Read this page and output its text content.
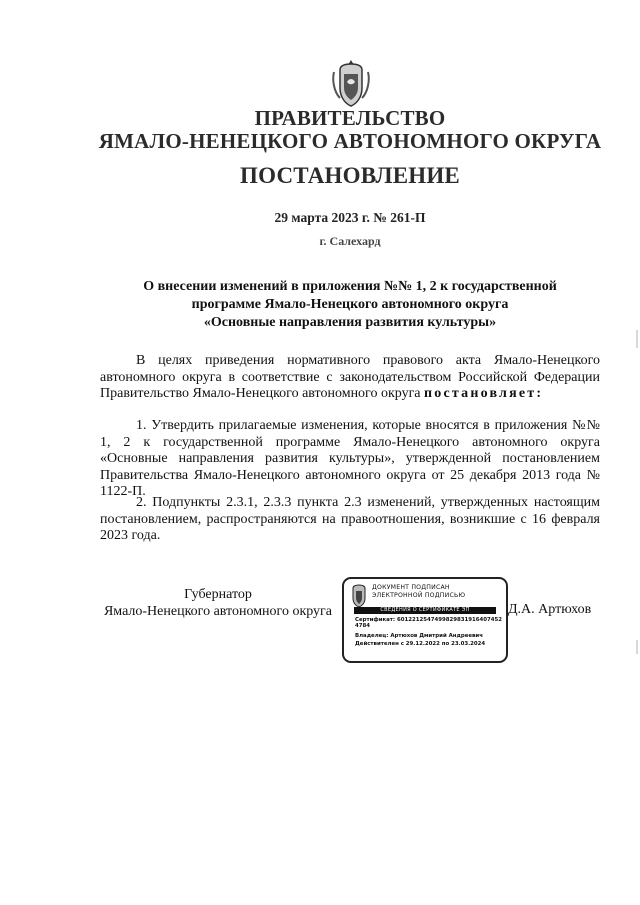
ПРАВИТЕЛЬСТВО
ЯМАЛО-НЕНЕЦКОГО АВТОНОМНОГО ОКРУГА
ПОСТАНОВЛЕНИЕ
29 марта 2023 г. № 261-П
г. Салехард
О внесении изменений в приложения №№ 1, 2 к государственной
программе Ямало-Ненецкого автономного округа
«Основные направления развития культуры»
В целях приведения нормативного правового акта Ямало-Ненецкого автономного округа в соответствие с законодательством Российской Федерации Правительство Ямало-Ненецкого автономного округа постановляет:
1. Утвердить прилагаемые изменения, которые вносятся в приложения №№ 1, 2 к государственной программе Ямало-Ненецкого автономного округа «Основные направления развития культуры», утвержденной постановлением Правительства Ямало-Ненецкого автономного округа от 25 декабря 2013 года № 1122-П.
2. Подпункты 2.3.1, 2.3.3 пункта 2.3 изменений, утвержденных настоящим постановлением, распространяются на правоотношения, возникшие с 16 февраля 2023 года.
Губернатор
Ямало-Ненецкого автономного округа
ДОКУМЕНТ ПОДПИСАН
ЭЛЕКТРОННОЙ ПОДПИСЬЮ
СВЕДЕНИЯ О СЕРТИФИКАТЕ ЭП
Сертификат: 6012212547499829831916407452
4784
Владелец: Артюхов Дмитрий Андреевич
Действителен с 29.12.2022 по 23.03.2024
Д.А. Артюхов
